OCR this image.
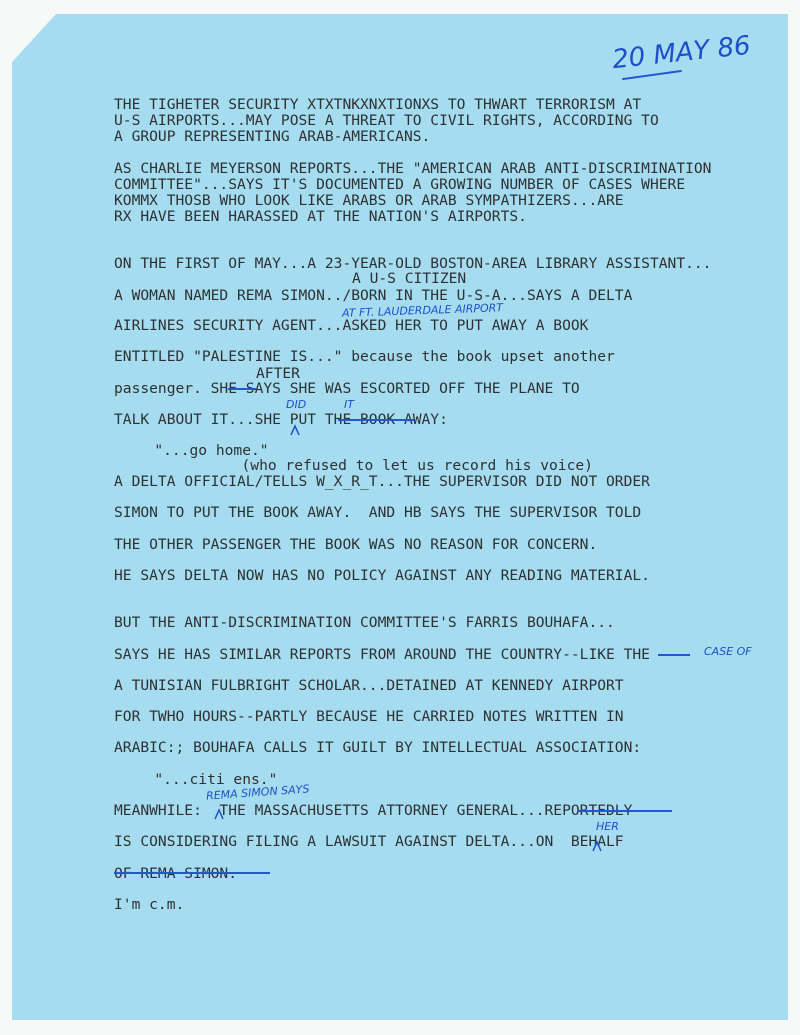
20 MAY 86
THE TIGHETER SECURITY XTXTNKXNXTIONXS TO THWART TERRORISM AT
U-S AIRPORTS...MAY POSE A THREAT TO CIVIL RIGHTS, ACCORDING TO
A GROUP REPRESENTING ARAB-AMERICANS.
AS CHARLIE MEYERSON REPORTS...THE "AMERICAN ARAB ANTI-DISCRIMINATION
COMMITTEE"...SAYS IT'S DOCUMENTED A GROWING NUMBER OF CASES WHERE
KOMMX THOSB WHO LOOK LIKE ARABS OR ARAB SYMPATHIZERS...ARE
RX HAVE BEEN HARASSED AT THE NATION'S AIRPORTS.
ON THE FIRST OF MAY...A 23-YEAR-OLD BOSTON-AREA LIBRARY ASSISTANT...
A U-S CITIZEN
A WOMAN NAMED REMA SIMON../BORN IN THE U-S-A...SAYS A DELTA
AT FT. LAUDERDALE AIRPORT
AIRLINES SECURITY AGENT...ASKED HER TO PUT AWAY A BOOK
ENTITLED "PALESTINE IS..." because the book upset another
AFTER
passenger. SHE SAYS SHE WAS ESCORTED OFF THE PLANE TO
DID	IT
TALK ABOUT IT...SHE PUT THE BOOK AWAY:
"...go home."
(who refused to let us record his voice)
A DELTA OFFICIAL/TELLS W_X_R_T...THE SUPERVISOR DID NOT ORDER
SIMON TO PUT THE BOOK AWAY.  AND HB SAYS THE SUPERVISOR TOLD
THE OTHER PASSENGER THE BOOK WAS NO REASON FOR CONCERN.
HE SAYS DELTA NOW HAS NO POLICY AGAINST ANY READING MATERIAL.
BUT THE ANTI-DISCRIMINATION COMMITTEE'S FARRIS BOUHAFA...
SAYS HE HAS SIMILAR REPORTS FROM AROUND THE COUNTRY--LIKE THE	CASE OF
A TUNISIAN FULBRIGHT SCHOLAR...DETAINED AT KENNEDY AIRPORT
FOR TWHO HOURS--PARTLY BECAUSE HE CARRIED NOTES WRITTEN IN
ARABIC:; BOUHAFA CALLS IT GUILT BY INTELLECTUAL ASSOCIATION:
"...citi ens."
REMA SIMON SAYS
MEANWHILE:  THE MASSACHUSETTS ATTORNEY GENERAL...REPORTEDLY
HER
IS CONSIDERING FILING A LAWSUIT AGAINST DELTA...ON  BEHALF
OF REMA SIMON.
I'm c.m.
